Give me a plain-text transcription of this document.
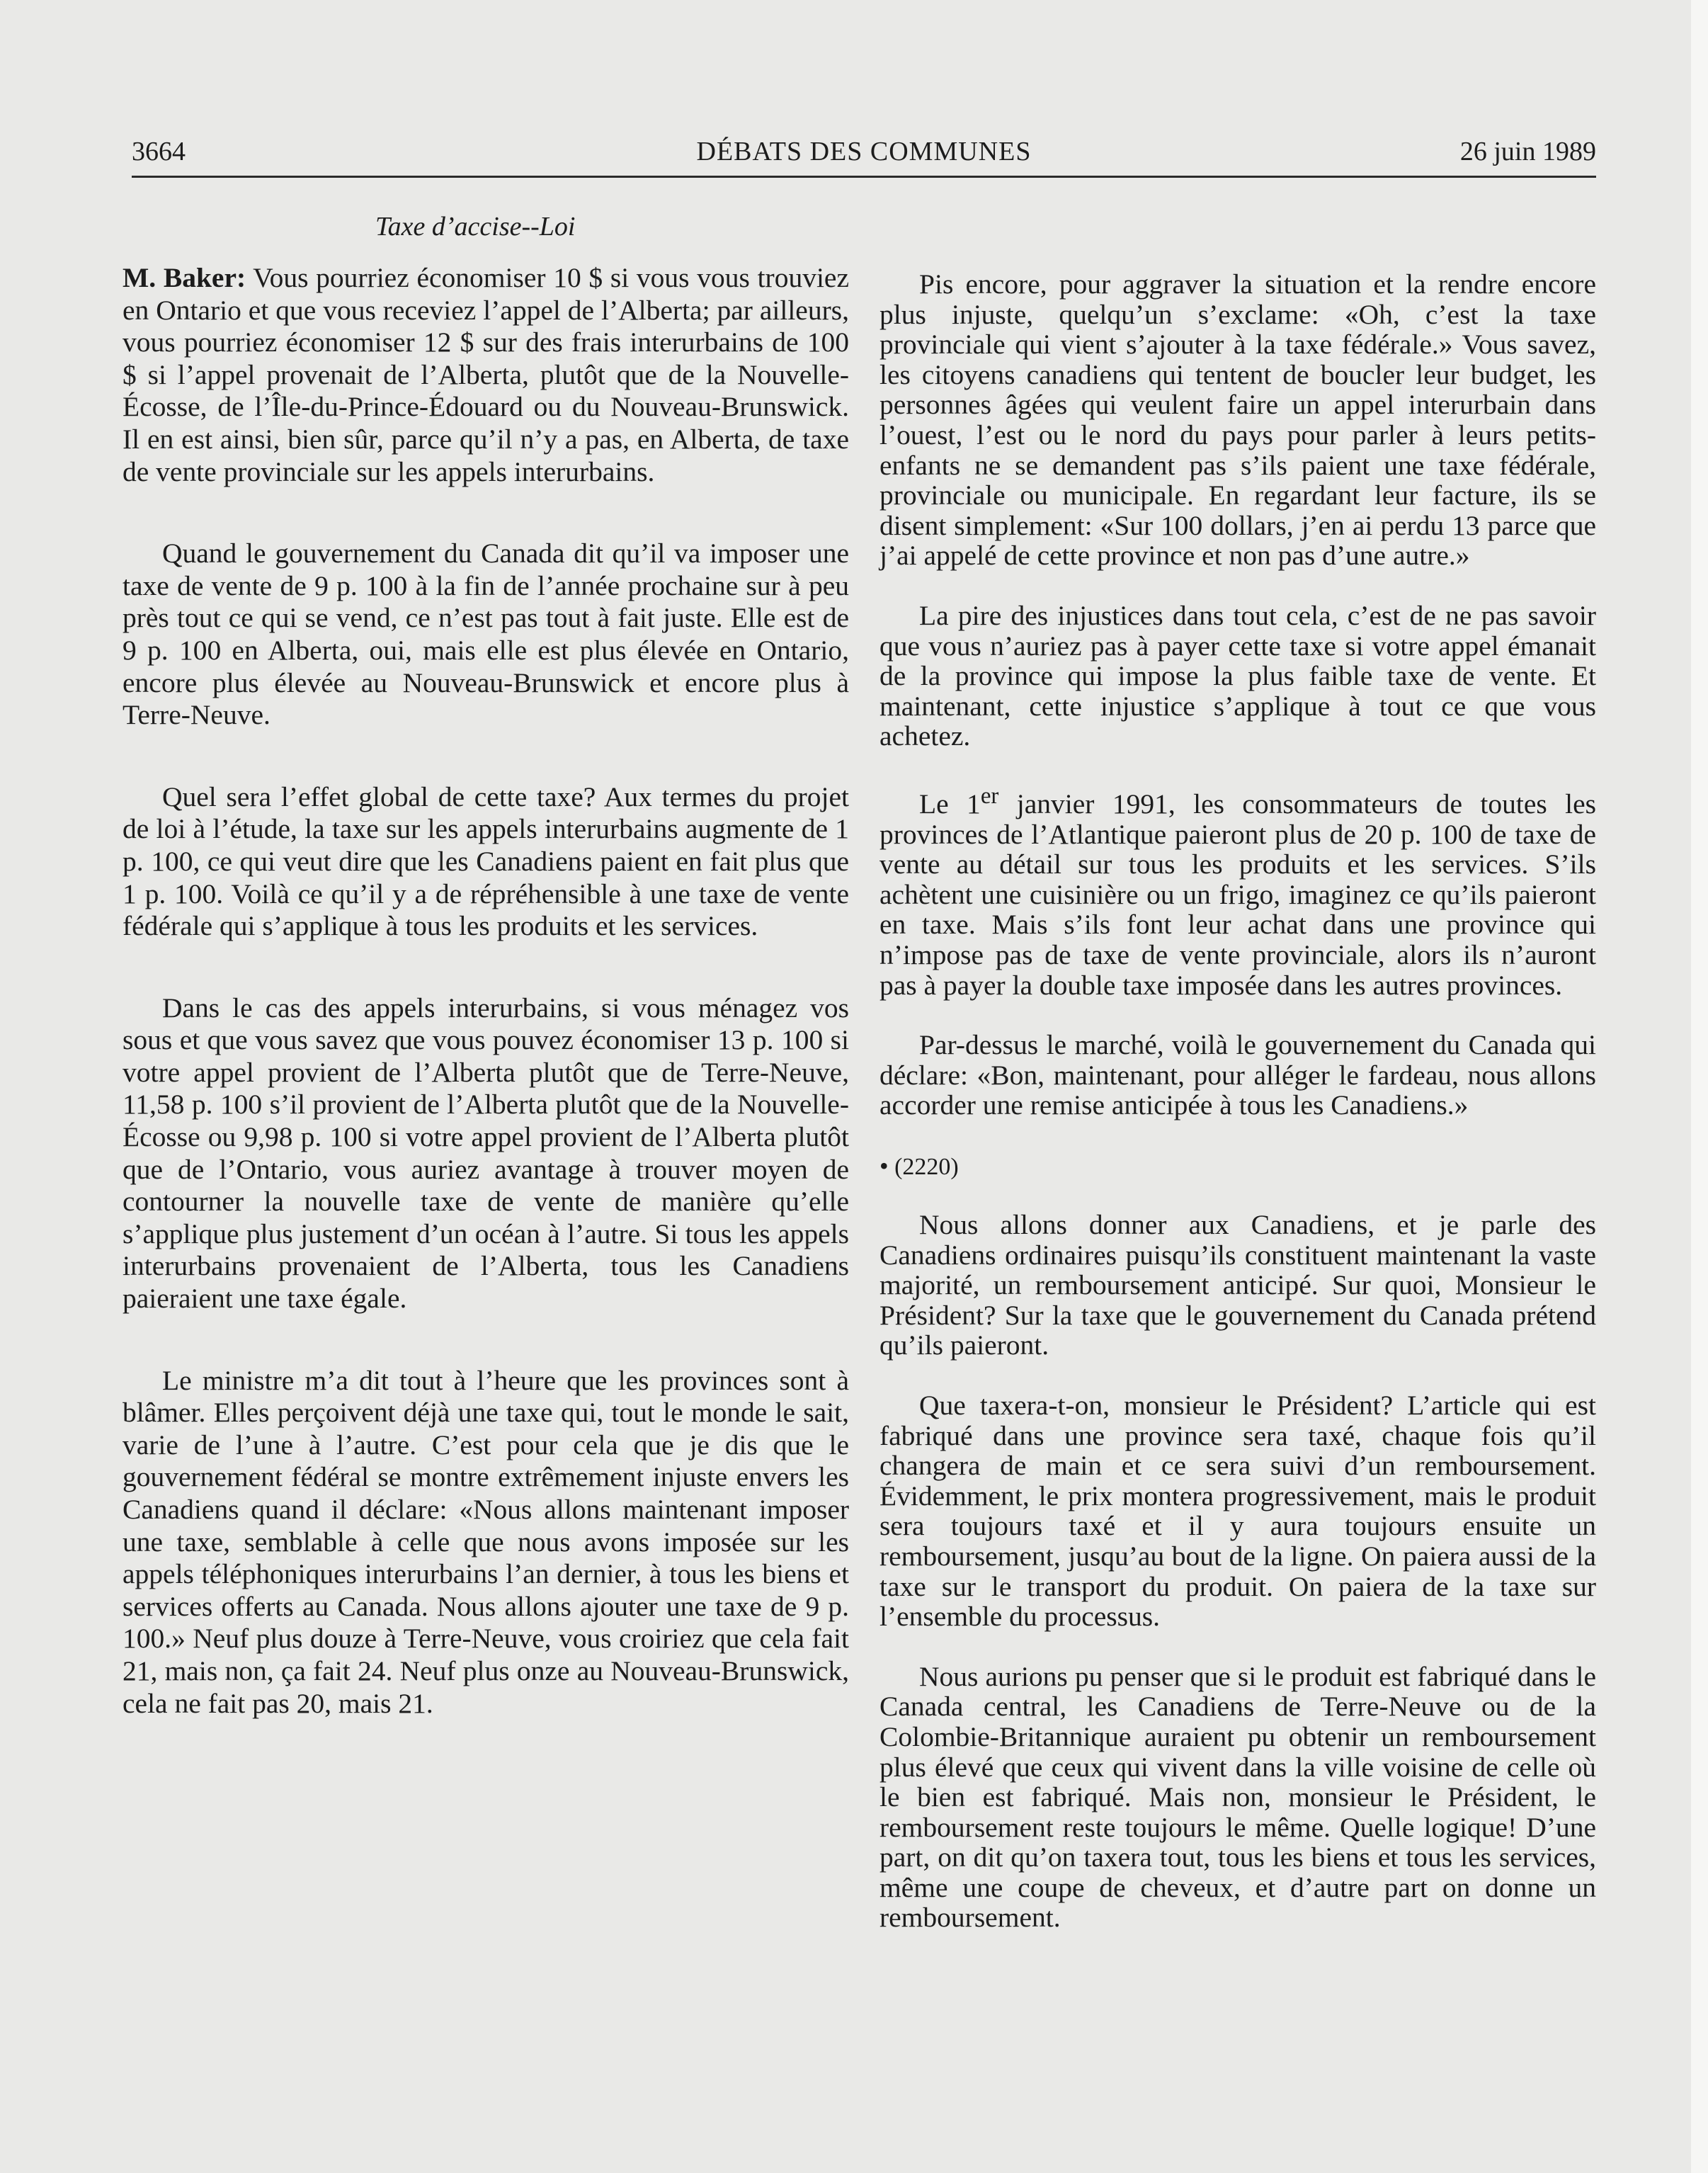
3664	DÉBATS DES COMMUNES	26 juin 1989
Taxe d’accise--Loi

M. Baker: Vous pourriez économiser 10 $ si vous vous trouviez en Ontario et que vous receviez l’appel de l’Alberta; par ailleurs, vous pourriez économiser 12 $ sur des frais interurbains de 100 $ si l’appel provenait de l’Alberta, plutôt que de la Nouvelle-Écosse, de l’Île-du-Prince-Édouard ou du Nouveau-Brunswick. Il en est ainsi, bien sûr, parce qu’il n’y a pas, en Alberta, de taxe de vente provinciale sur les appels interurbains.

Quand le gouvernement du Canada dit qu’il va imposer une taxe de vente de 9 p. 100 à la fin de l’année prochaine sur à peu près tout ce qui se vend, ce n’est pas tout à fait juste. Elle est de 9 p. 100 en Alberta, oui, mais elle est plus élevée en Ontario, encore plus élevée au Nouveau-Brunswick et encore plus à Terre-Neuve.

Quel sera l’effet global de cette taxe? Aux termes du projet de loi à l’étude, la taxe sur les appels interurbains augmente de 1 p. 100, ce qui veut dire que les Canadiens paient en fait plus que 1 p. 100. Voilà ce qu’il y a de répréhensible à une taxe de vente fédérale qui s’applique à tous les produits et les services.

Dans le cas des appels interurbains, si vous ménagez vos sous et que vous savez que vous pouvez économiser 13 p. 100 si votre appel provient de l’Alberta plutôt que de Terre-Neuve, 11,58 p. 100 s’il provient de l’Alberta plutôt que de la Nouvelle-Écosse ou 9,98 p. 100 si votre appel provient de l’Alberta plutôt que de l’Ontario, vous auriez avantage à trouver moyen de contourner la nouvelle taxe de vente de manière qu’elle s’applique plus justement d’un océan à l’autre. Si tous les appels interurbains provenaient de l’Alberta, tous les Canadiens paieraient une taxe égale.

Le ministre m’a dit tout à l’heure que les provinces sont à blâmer. Elles perçoivent déjà une taxe qui, tout le monde le sait, varie de l’une à l’autre. C’est pour cela que je dis que le gouvernement fédéral se montre extrêmement injuste envers les Canadiens quand il déclare: «Nous allons maintenant imposer une taxe, semblable à celle que nous avons imposée sur les appels téléphoniques interurbains l’an dernier, à tous les biens et services offerts au Canada. Nous allons ajouter une taxe de 9 p. 100.» Neuf plus douze à Terre-Neuve, vous croiriez que cela fait 21, mais non, ça fait 24. Neuf plus onze au Nouveau-Brunswick, cela ne fait pas 20, mais 21.

Pis encore, pour aggraver la situation et la rendre encore plus injuste, quelqu’un s’exclame: «Oh, c’est la taxe provinciale qui vient s’ajouter à la taxe fédérale.» Vous savez, les citoyens canadiens qui tentent de boucler leur budget, les personnes âgées qui veulent faire un appel interurbain dans l’ouest, l’est ou le nord du pays pour parler à leurs petits-enfants ne se demandent pas s’ils paient une taxe fédérale, provinciale ou municipale. En regardant leur facture, ils se disent simplement: «Sur 100 dollars, j’en ai perdu 13 parce que j’ai appelé de cette province et non pas d’une autre.»

La pire des injustices dans tout cela, c’est de ne pas savoir que vous n’auriez pas à payer cette taxe si votre appel émanait de la province qui impose la plus faible taxe de vente. Et maintenant, cette injustice s’applique à tout ce que vous achetez.

Le 1er janvier 1991, les consommateurs de toutes les provinces de l’Atlantique paieront plus de 20 p. 100 de taxe de vente au détail sur tous les produits et les services. S’ils achètent une cuisinière ou un frigo, imaginez ce qu’ils paieront en taxe. Mais s’ils font leur achat dans une province qui n’impose pas de taxe de vente provinciale, alors ils n’auront pas à payer la double taxe imposée dans les autres provinces.

Par-dessus le marché, voilà le gouvernement du Canada qui déclare: «Bon, maintenant, pour alléger le fardeau, nous allons accorder une remise anticipée à tous les Canadiens.»

• (2220)

Nous allons donner aux Canadiens, et je parle des Canadiens ordinaires puisqu’ils constituent maintenant la vaste majorité, un remboursement anticipé. Sur quoi, Monsieur le Président? Sur la taxe que le gouvernement du Canada prétend qu’ils paieront.

Que taxera-t-on, monsieur le Président? L’article qui est fabriqué dans une province sera taxé, chaque fois qu’il changera de main et ce sera suivi d’un remboursement. Évidemment, le prix montera progressivement, mais le produit sera toujours taxé et il y aura toujours ensuite un remboursement, jusqu’au bout de la ligne. On paiera aussi de la taxe sur le transport du produit. On paiera de la taxe sur l’ensemble du processus.

Nous aurions pu penser que si le produit est fabriqué dans le Canada central, les Canadiens de Terre-Neuve ou de la Colombie-Britannique auraient pu obtenir un remboursement plus élevé que ceux qui vivent dans la ville voisine de celle où le bien est fabriqué. Mais non, monsieur le Président, le remboursement reste toujours le même. Quelle logique! D’une part, on dit qu’on taxera tout, tous les biens et tous les services, même une coupe de cheveux, et d’autre part on donne un remboursement.
